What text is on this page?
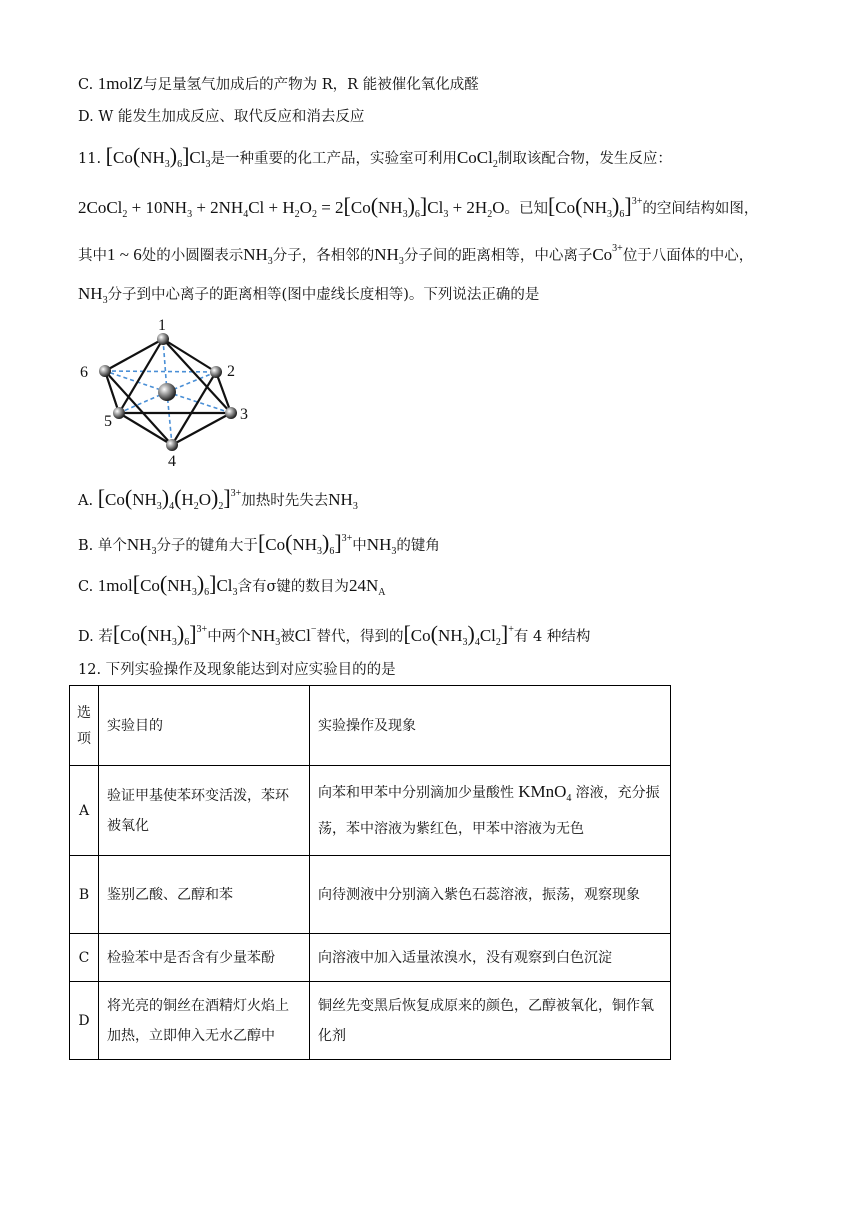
C. 1molZ与足量氢气加成后的产物为 R，R 能被催化氧化成醛
D. W 能发生加成反应、取代反应和消去反应
11. $[Co(NH_3)_6]Cl_3$是一种重要的化工产品，实验室可利用CoCl$_2$制取该配合物，发生反应：
2CoCl$_2$ + $10NH_3 + 2NH_4Cl + H_2O_2 = 2[Co(NH_3)_6]Cl_3 + 2H_2O$。已知$[Co(NH_3)_6]^{3+}$的空间结构如图，
其中1 ~ 6处的小圆圈表示$NH_3$分子，各相邻的$NH_3$分子间的距离相等，中心离子$Co^{3+}$位于八面体的中心，
$NH_3$分子到中心离子的距离相等(图中虚线长度相等)。下列说法正确的是
1
2
3
4
5
6
A. $[Co(NH_3)_4(H_2O)_2]^{3+}$加热时先失去$NH_3$
B. 单个$NH_3$分子的键角大于$[Co(NH_3)_6]^{3+}$中$NH_3$的键角
C. $1mol[Co(NH_3)_6]Cl_3$含有σ键的数目为$24N_A$
D. 若$[Co(NH_3)_6]^{3+}$中两个$NH_3$被Cl−替代，得到的$[Co(NH_3)_4Cl_2]^+$有 4 种结构
12. 下列实验操作及现象能达到对应实验目的的是
选项	实验目的	实验操作及现象
A	验证甲基使苯环变活泼，苯环被氧化	向苯和甲苯中分别滴加少量酸性 KMnO$_4$ 溶液，充分振荡，苯中溶液为紫红色，甲苯中溶液为无色
B	鉴别乙酸、乙醇和苯	向待测液中分别滴入紫色石蕊溶液，振荡，观察现象
C	检验苯中是否含有少量苯酚	向溶液中加入适量浓溴水，没有观察到白色沉淀
D	将光亮的铜丝在酒精灯火焰上加热，立即伸入无水乙醇中	铜丝先变黑后恢复成原来的颜色，乙醇被氧化，铜作氧化剂
